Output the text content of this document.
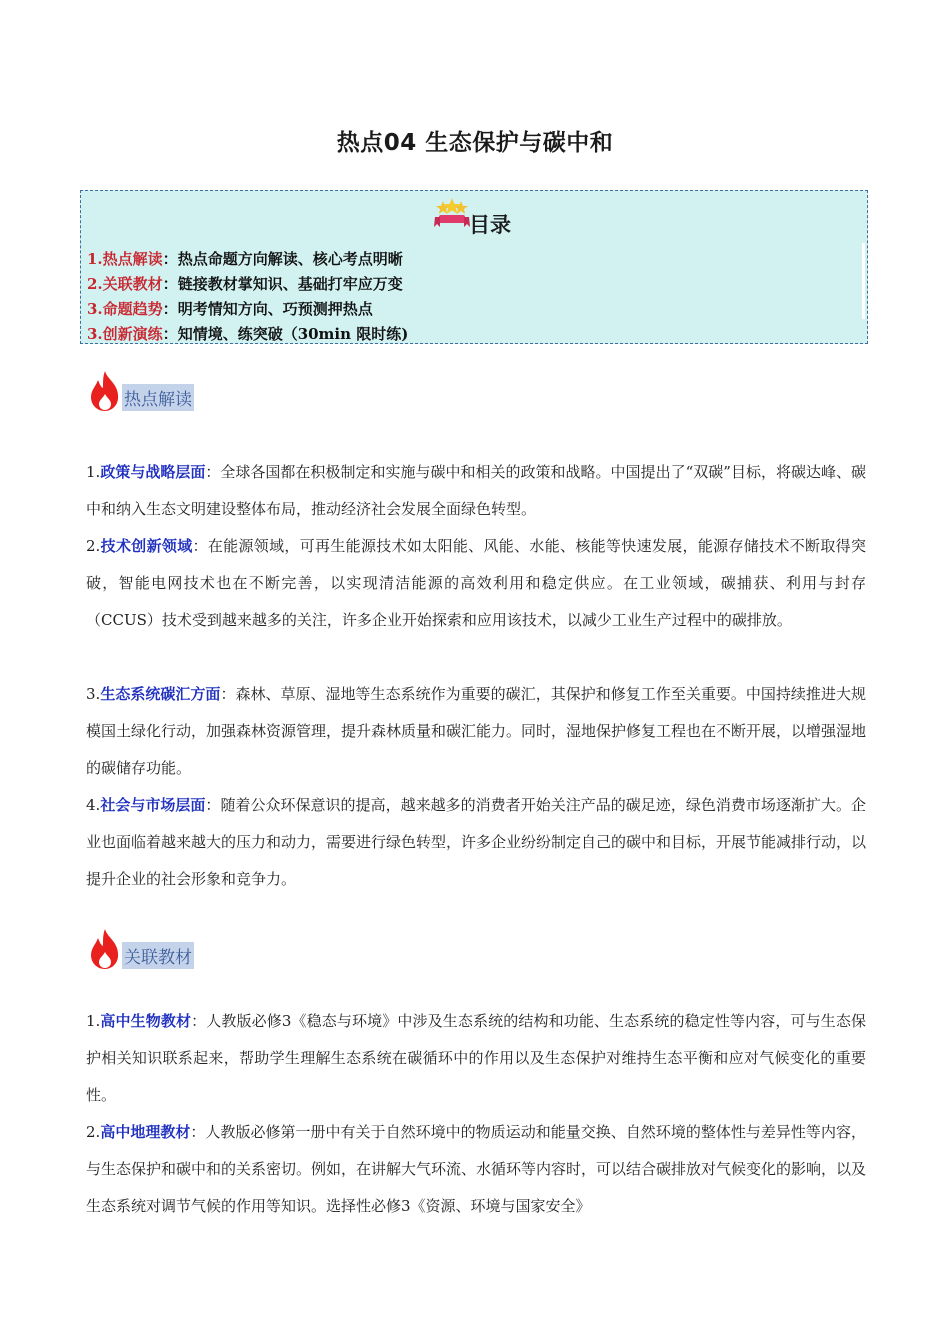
热点04 生态保护与碳中和
目录
1.热点解读：热点命题方向解读、核心考点明晰
2.关联教材：链接教材掌知识、基础打牢应万变
3.命题趋势：明考情知方向、巧预测押热点
3.创新演练：知情境、练突破（30min 限时练)
热点解读
1.政策与战略层面：全球各国都在积极制定和实施与碳中和相关的政策和战略。中国提出了“双碳”目标，将碳达峰、碳中和纳入生态文明建设整体布局，推动经济社会发展全面绿色转型。
2.技术创新领域：在能源领域，可再生能源技术如太阳能、风能、水能、核能等快速发展，能源存储技术不断取得突破，智能电网技术也在不断完善，以实现清洁能源的高效利用和稳定供应。在工业领域，碳捕获、利用与封存（CCUS）技术受到越来越多的关注，许多企业开始探索和应用该技术，以减少工业生产过程中的碳排放。
3.生态系统碳汇方面：森林、草原、湿地等生态系统作为重要的碳汇，其保护和修复工作至关重要。中国持续推进大规模国土绿化行动，加强森林资源管理，提升森林质量和碳汇能力。同时，湿地保护修复工程也在不断开展，以增强湿地的碳储存功能。
4.社会与市场层面：随着公众环保意识的提高，越来越多的消费者开始关注产品的碳足迹，绿色消费市场逐渐扩大。企业也面临着越来越大的压力和动力，需要进行绿色转型，许多企业纷纷制定自己的碳中和目标，开展节能减排行动，以提升企业的社会形象和竞争力。
关联教材
1.高中生物教材：人教版必修3《稳态与环境》中涉及生态系统的结构和功能、生态系统的稳定性等内容，可与生态保护相关知识联系起来，帮助学生理解生态系统在碳循环中的作用以及生态保护对维持生态平衡和应对气候变化的重要性。
2.高中地理教材：人教版必修第一册中有关于自然环境中的物质运动和能量交换、自然环境的整体性与差异性等内容，与生态保护和碳中和的关系密切。例如，在讲解大气环流、水循环等内容时，可以结合碳排放对气候变化的影响，以及生态系统对调节气候的作用等知识。选择性必修3《资源、环境与国家安全》
